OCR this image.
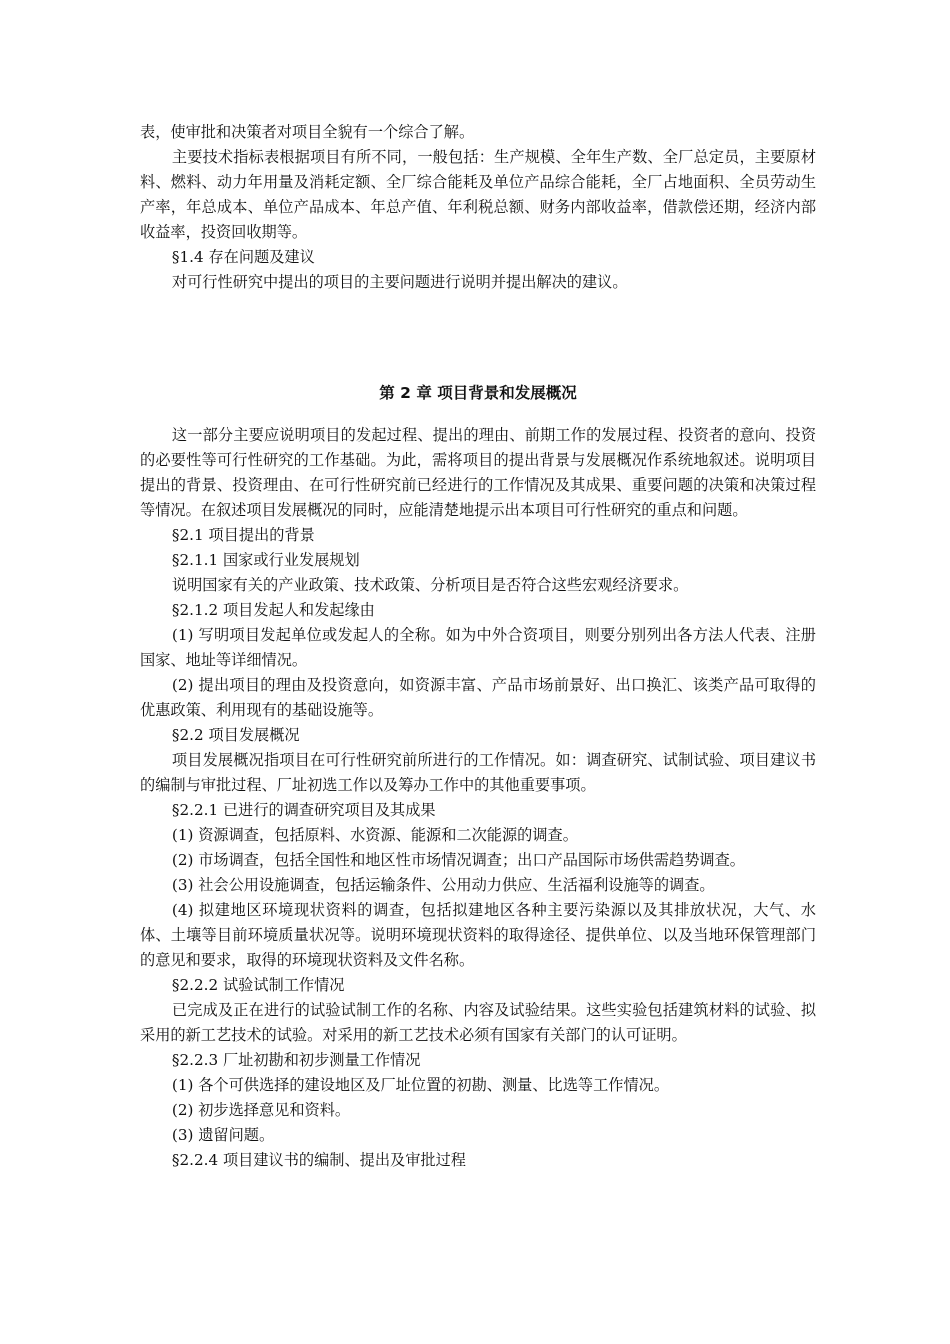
表，使审批和决策者对项目全貌有一个综合了解。

主要技术指标表根据项目有所不同，一般包括：生产规模、全年生产数、全厂总定员，主要原材料、燃料、动力年用量及消耗定额、全厂综合能耗及单位产品综合能耗，全厂占地面积、全员劳动生产率，年总成本、单位产品成本、年总产值、年利税总额、财务内部收益率，借款偿还期，经济内部收益率，投资回收期等。

§1.4 存在问题及建议

对可行性研究中提出的项目的主要问题进行说明并提出解决的建议。

第 2 章 项目背景和发展概况

这一部分主要应说明项目的发起过程、提出的理由、前期工作的发展过程、投资者的意向、投资的必要性等可行性研究的工作基础。为此，需将项目的提出背景与发展概况作系统地叙述。说明项目提出的背景、投资理由、在可行性研究前已经进行的工作情况及其成果、重要问题的决策和决策过程等情况。在叙述项目发展概况的同时，应能清楚地提示出本项目可行性研究的重点和问题。

§2.1 项目提出的背景

§2.1.1 国家或行业发展规划

说明国家有关的产业政策、技术政策、分析项目是否符合这些宏观经济要求。

§2.1.2 项目发起人和发起缘由

(1) 写明项目发起单位或发起人的全称。如为中外合资项目，则要分别列出各方法人代表、注册国家、地址等详细情况。

(2) 提出项目的理由及投资意向，如资源丰富、产品市场前景好、出口换汇、该类产品可取得的优惠政策、利用现有的基础设施等。

§2.2 项目发展概况

项目发展概况指项目在可行性研究前所进行的工作情况。如：调查研究、试制试验、项目建议书的编制与审批过程、厂址初选工作以及筹办工作中的其他重要事项。

§2.2.1 已进行的调查研究项目及其成果

(1) 资源调查，包括原料、水资源、能源和二次能源的调查。

(2) 市场调查，包括全国性和地区性市场情况调查；出口产品国际市场供需趋势调查。

(3) 社会公用设施调查，包括运输条件、公用动力供应、生活福利设施等的调查。

(4) 拟建地区环境现状资料的调查，包括拟建地区各种主要污染源以及其排放状况，大气、水体、土壤等目前环境质量状况等。说明环境现状资料的取得途径、提供单位、以及当地环保管理部门的意见和要求，取得的环境现状资料及文件名称。

§2.2.2 试验试制工作情况

已完成及正在进行的试验试制工作的名称、内容及试验结果。这些实验包括建筑材料的试验、拟采用的新工艺技术的试验。对采用的新工艺技术必须有国家有关部门的认可证明。

§2.2.3 厂址初勘和初步测量工作情况

(1) 各个可供选择的建设地区及厂址位置的初勘、测量、比选等工作情况。

(2) 初步选择意见和资料。

(3) 遗留问题。

§2.2.4 项目建议书的编制、提出及审批过程
